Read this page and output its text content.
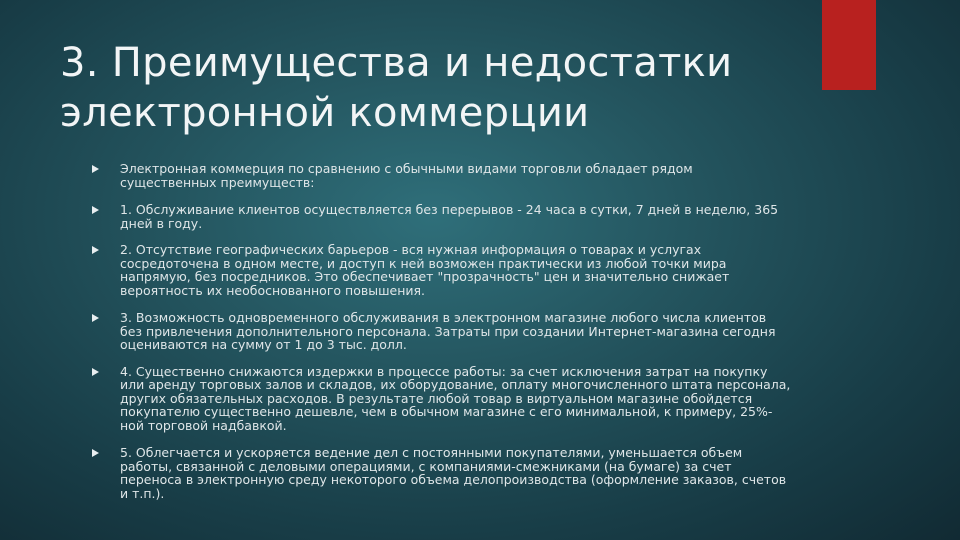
3. Преимущества и недостатки электронной коммерции
Электронная коммерция по сравнению с обычными видами торговли обладает рядом существенных преимуществ:
1. Обслуживание клиентов осуществляется без перерывов - 24 часа в сутки, 7 дней в неделю, 365 дней в году.
2. Отсутствие географических барьеров - вся нужная информация о товарах и услугах сосредоточена в одном месте, и доступ к ней возможен практически из любой точки мира напрямую, без посредников. Это обеспечивает "прозрачность" цен и значительно снижает вероятность их необоснованного повышения.
3. Возможность одновременного обслуживания в электронном магазине любого числа клиентов без привлечения дополнительного персонала. Затраты при создании Интернет-магазина сегодня оцениваются на сумму от 1 до 3 тыс. долл.
4. Существенно снижаются издержки в процессе работы: за счет исключения затрат на покупку или аренду торговых залов и складов, их оборудование, оплату многочисленного штата персонала, других обязательных расходов. В результате любой товар в виртуальном магазине обойдется покупателю существенно дешевле, чем в обычном магазине с его минимальной, к примеру, 25%-ной торговой надбавкой.
5. Облегчается и ускоряется ведение дел с постоянными покупателями, уменьшается объем работы, связанной с деловыми операциями, с компаниями-смежниками (на бумаге) за счет переноса в электронную среду некоторого объема делопроизводства (оформление заказов, счетов и т.п.).
